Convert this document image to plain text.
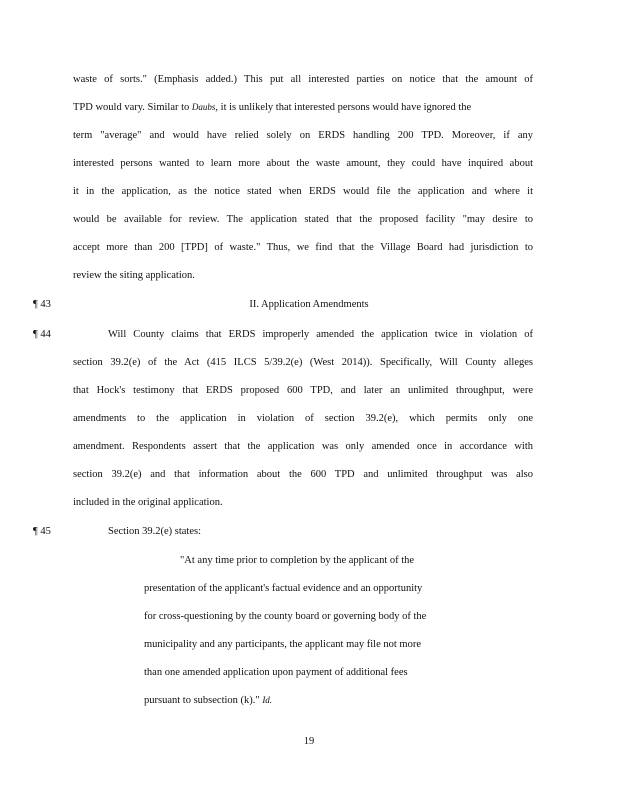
waste of sorts." (Emphasis added.) This put all interested parties on notice that the amount of
TPD would vary. Similar to Daubs, it is unlikely that interested persons would have ignored the
term "average" and would have relied solely on ERDS handling 200 TPD. Moreover, if any
interested persons wanted to learn more about the waste amount, they could have inquired about
it in the application, as the notice stated when ERDS would file the application and where it
would be available for review. The application stated that the proposed facility "may desire to
accept more than 200 [TPD] of waste." Thus, we find that the Village Board had jurisdiction to
review the siting application.
¶ 43	II. Application Amendments
¶ 44	Will County claims that ERDS improperly amended the application twice in violation of
section 39.2(e) of the Act (415 ILCS 5/39.2(e) (West 2014)). Specifically, Will County alleges
that Hock's testimony that ERDS proposed 600 TPD, and later an unlimited throughput, were
amendments to the application in violation of section 39.2(e), which permits only one
amendment. Respondents assert that the application was only amended once in accordance with
section 39.2(e) and that information about the 600 TPD and unlimited throughput was also
included in the original application.
¶ 45	Section 39.2(e) states:
"At any time prior to completion by the applicant of the
presentation of the applicant's factual evidence and an opportunity
for cross-questioning by the county board or governing body of the
municipality and any participants, the applicant may file not more
than one amended application upon payment of additional fees
pursuant to subsection (k)." Id.
19
